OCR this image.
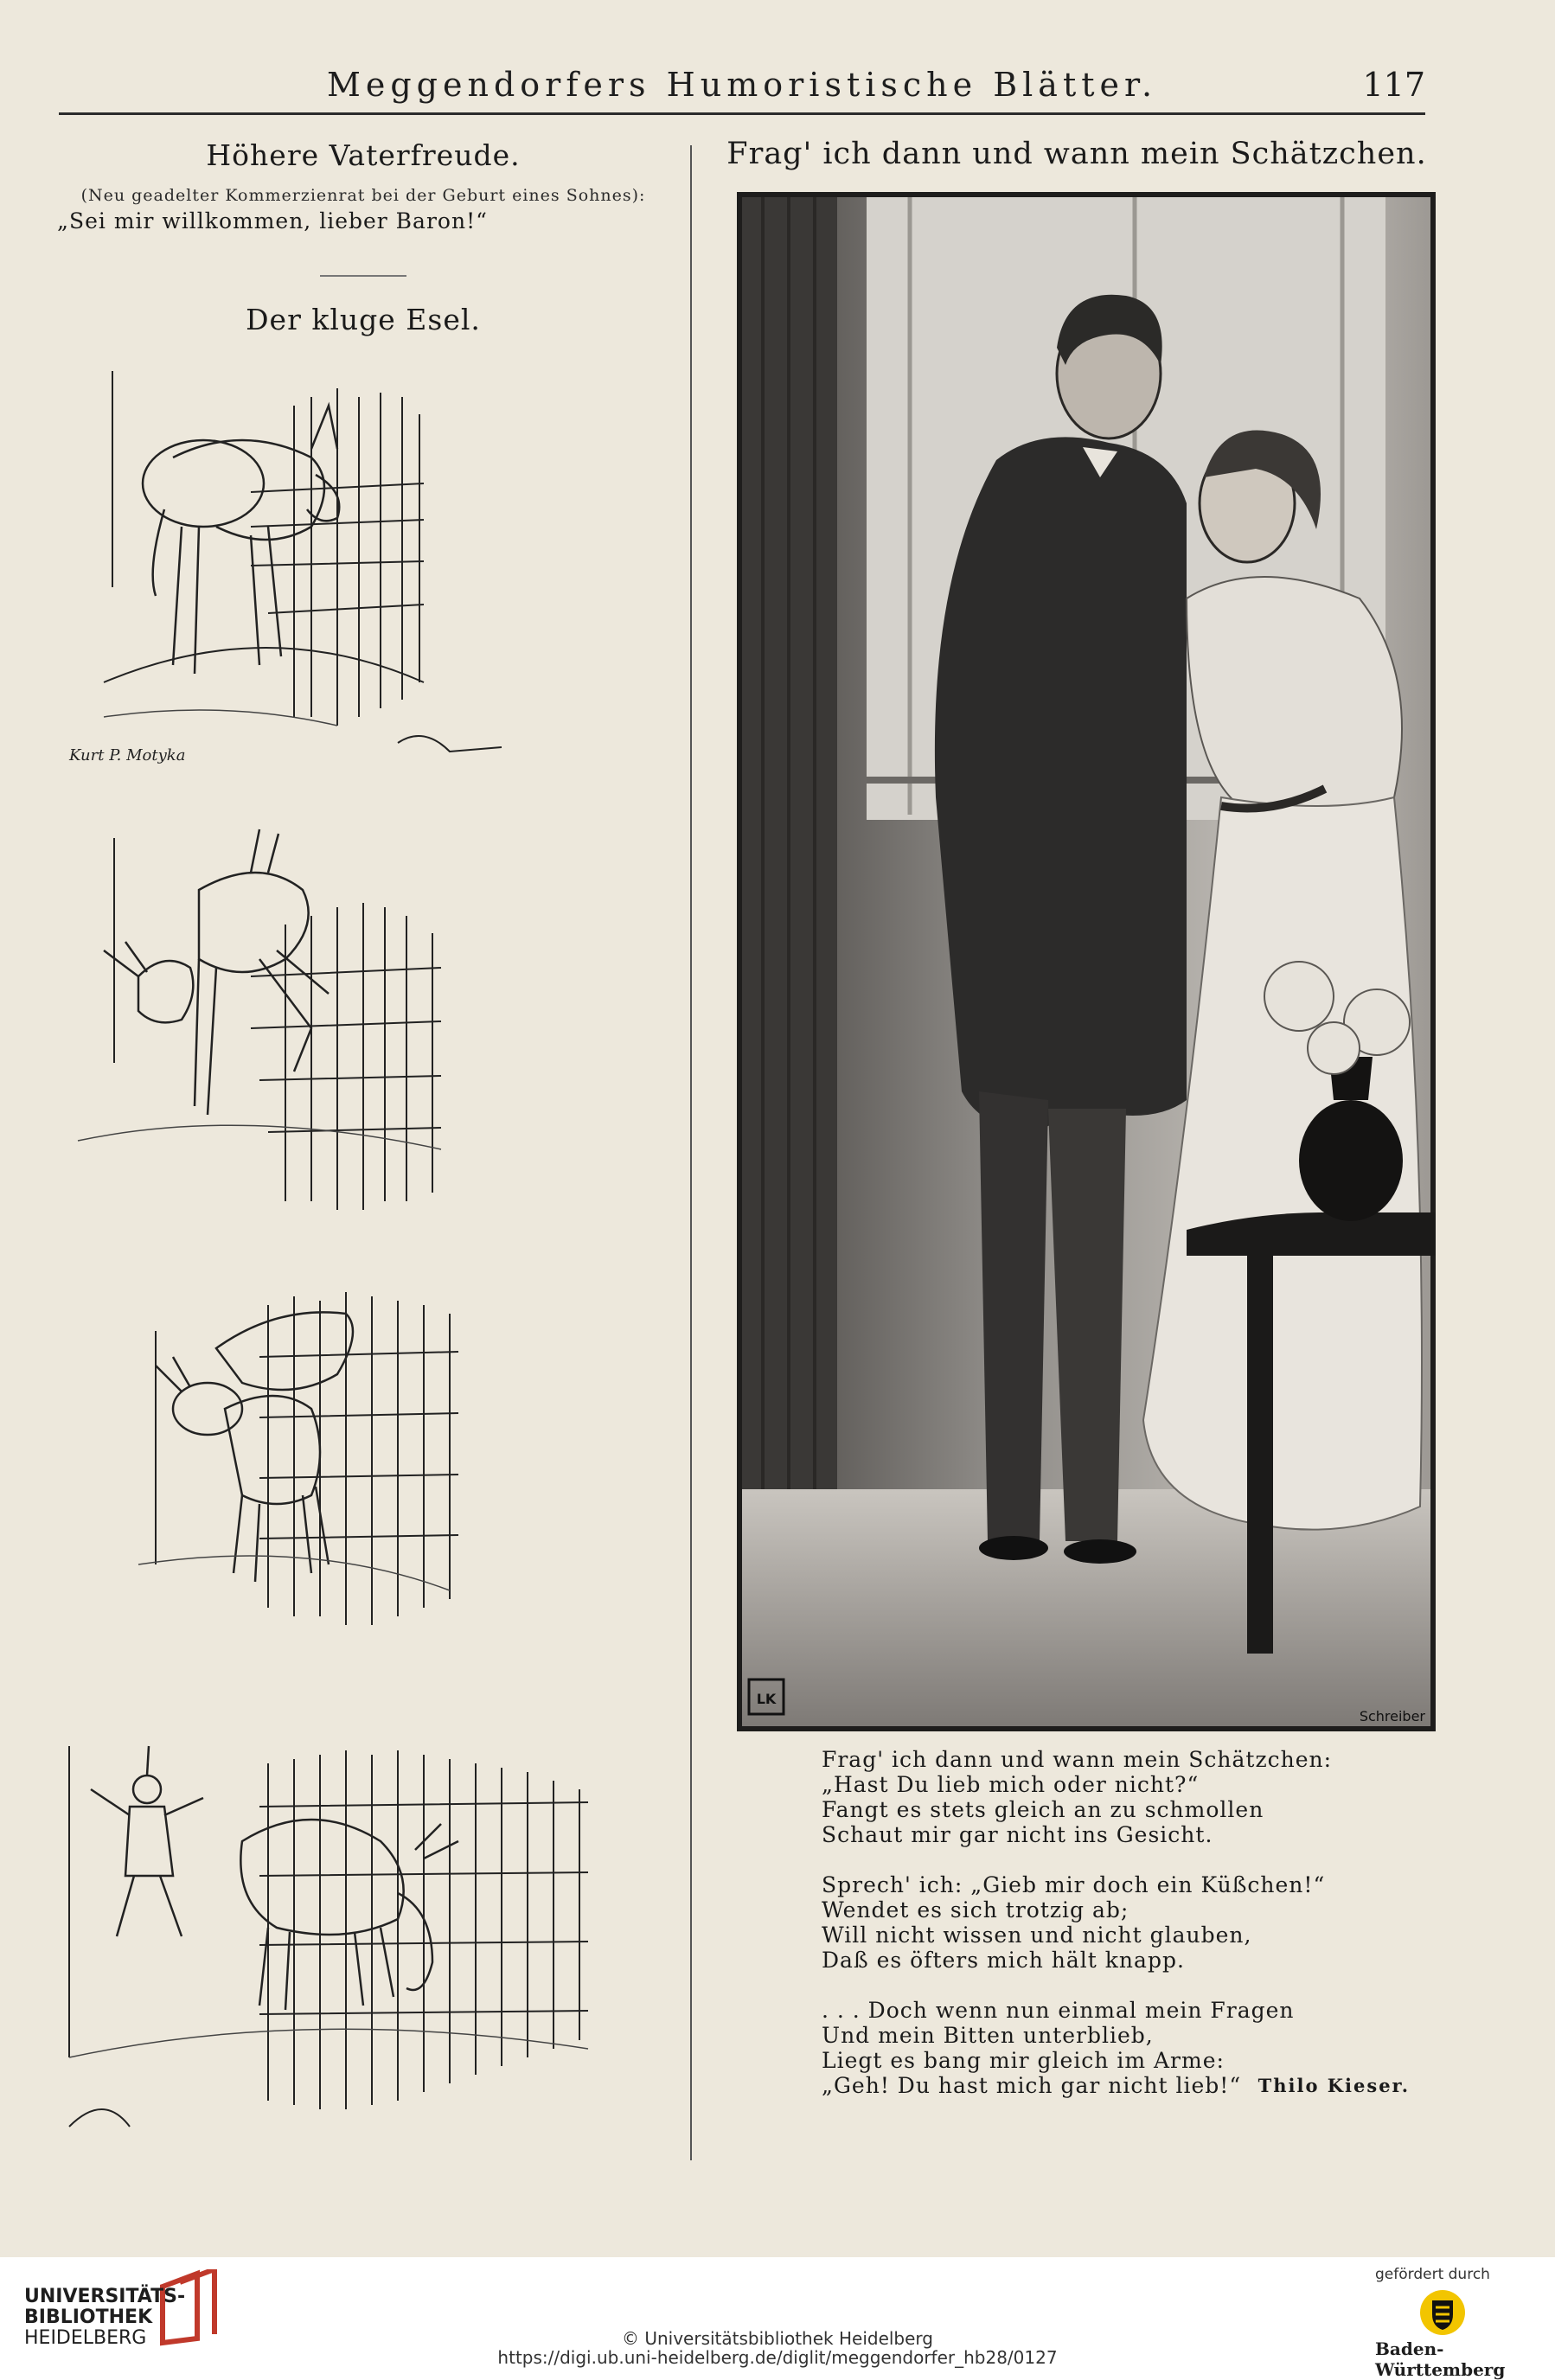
Meggendorfers Humoristische Blätter.	117
Höhere Vaterfreude.
(Neu geadelter Kommerzienrat bei der Geburt eines Sohnes):
„Sei mir willkommen, lieber Baron!“
Der kluge Esel.
Kurt P. Motyka
Frag' ich dann und wann mein Schätzchen.
LK
Schreiber
Frag' ich dann und wann mein Schätzchen:
„Hast Du lieb mich oder nicht?“
Fangt es stets gleich an zu schmollen
Schaut mir gar nicht ins Gesicht.
Sprech' ich: „Gieb mir doch ein Küßchen!“
Wendet es sich trotzig ab;
Will nicht wissen und nicht glauben,
Daß es öfters mich hält knapp.
. . . Doch wenn nun einmal mein Fragen
Und mein Bitten unterblieb,
Liegt es bang mir gleich im Arme:
„Geh! Du hast mich gar nicht lieb!“ Thilo Kieser.
UNIVERSITÄTS-
BIBLIOTHEK
HEIDELBERG	© Universitätsbibliothek Heidelberg
https://digi.ub.uni-heidelberg.de/diglit/meggendorfer_hb28/0127
gefördert durch
Baden-Württemberg
